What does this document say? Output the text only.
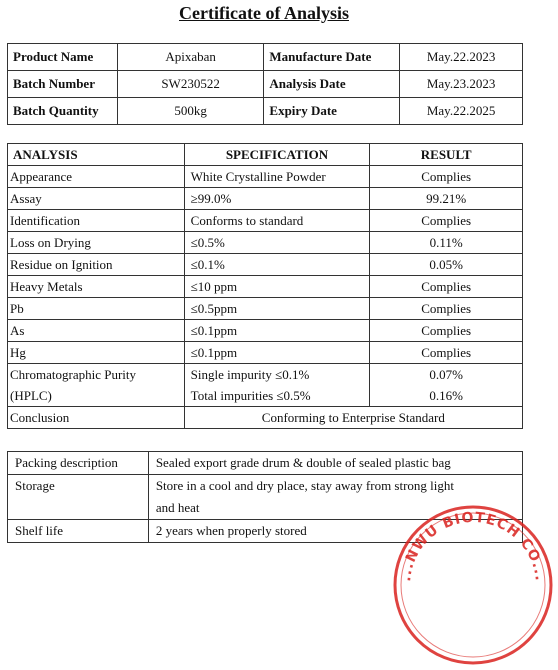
Certificate of Analysis
Product Name	Apixaban	Manufacture Date	May.22.2023
Batch Number	SW230522	Analysis Date	May.23.2023
Batch Quantity	500kg	Expiry Date	May.22.2025
ANALYSIS	SPECIFICATION	RESULT
Appearance	White Crystalline Powder	Complies
Assay	≥99.0%	99.21%
Identification	Conforms to standard	Complies
Loss on Drying	≤0.5%	0.11%
Residue on Ignition	≤0.1%	0.05%
Heavy Metals	≤10 ppm	Complies
Pb	≤0.5ppm	Complies
As	≤0.1ppm	Complies
Hg	≤0.1ppm	Complies
Chromatographic Purity	Single impurity ≤0.1%	0.07%
(HPLC)	Total impurities ≤0.5%	0.16%
Conclusion	Conforming to Enterprise Standard	
Packing description	Sealed export grade drum & double of sealed plastic bag
Storage	Store in a cool and dry place, stay away from strong light
	and heat
Shelf life	2 years when properly stored
...NWU BIOTECH CO...
